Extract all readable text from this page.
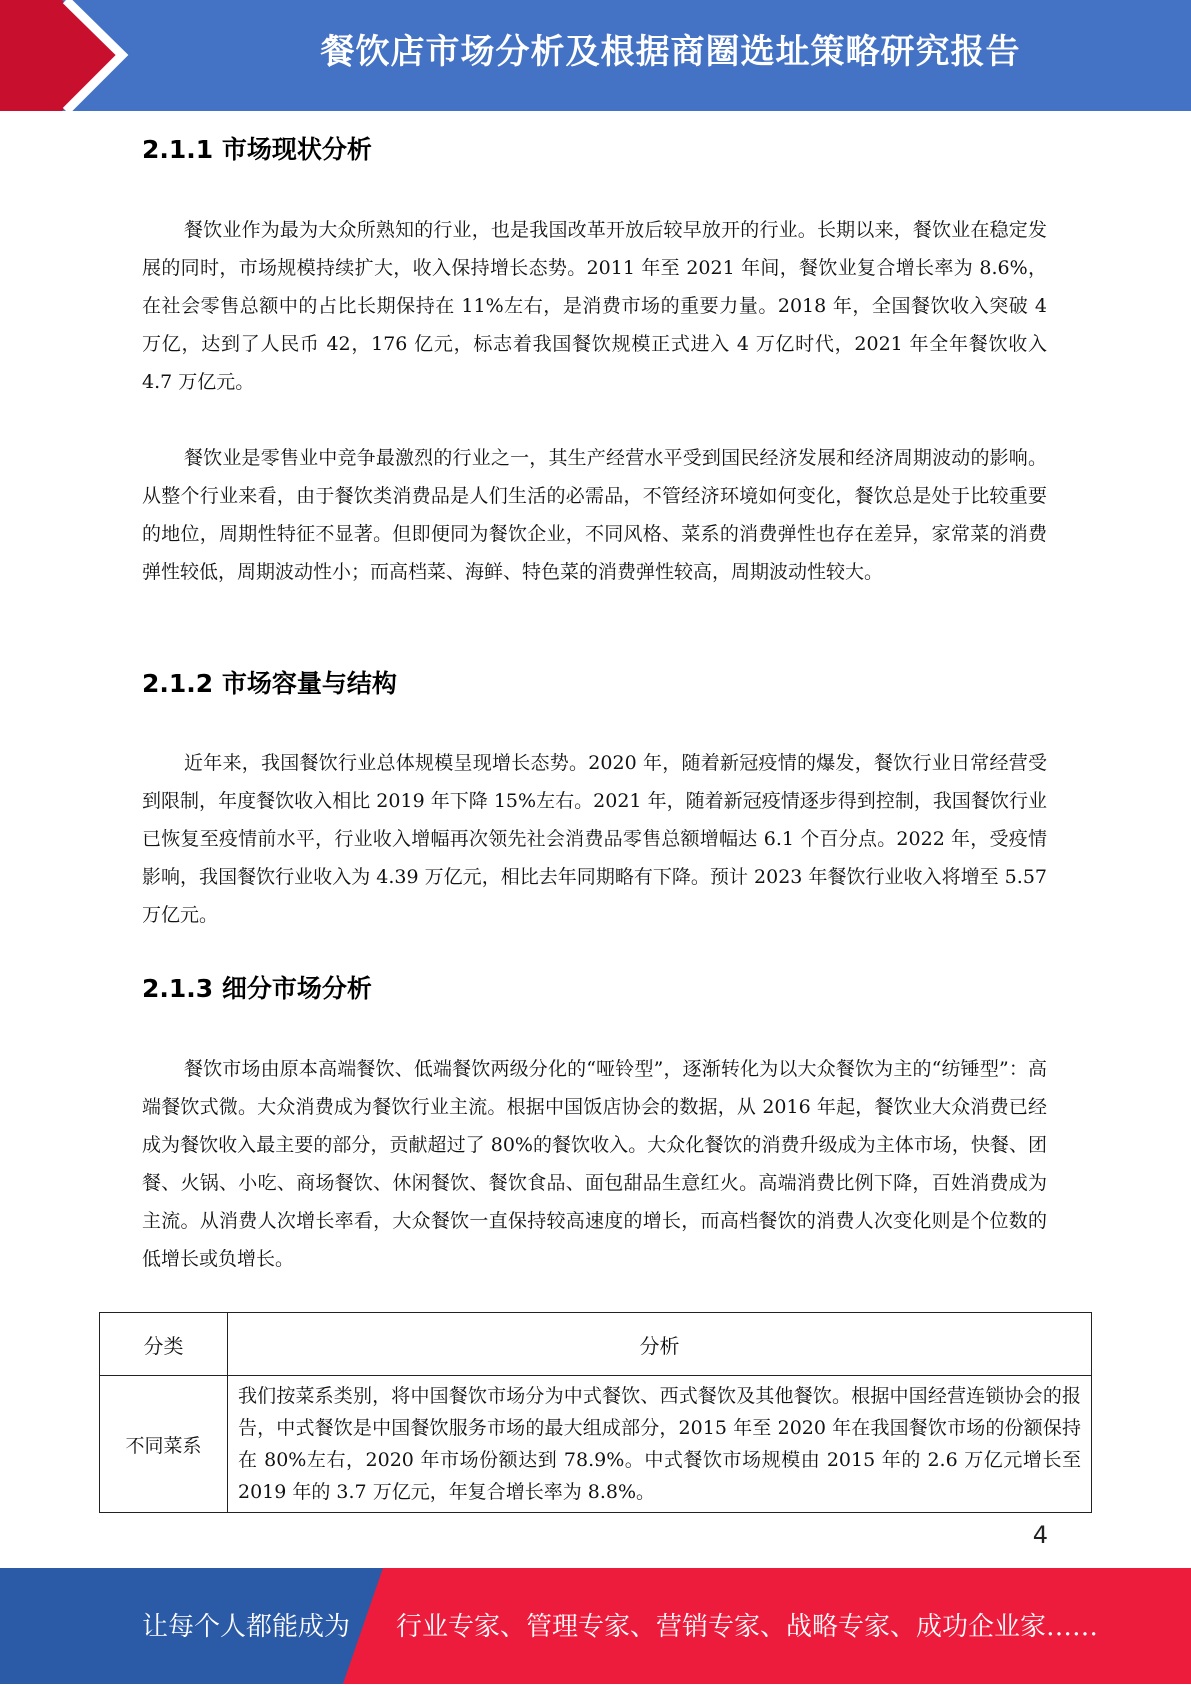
餐饮店市场分析及根据商圈选址策略研究报告
2.1.1 市场现状分析

餐饮业作为最为大众所熟知的行业，也是我国改革开放后较早放开的行业。长期以来，餐饮业在稳定发展的同时，市场规模持续扩大，收入保持增长态势。2011 年至 2021 年间，餐饮业复合增长率为 8.6%，在社会零售总额中的占比长期保持在 11%左右，是消费市场的重要力量。2018 年，全国餐饮收入突破 4 万亿，达到了人民币 42，176 亿元，标志着我国餐饮规模正式进入 4 万亿时代，2021 年全年餐饮收入 4.7 万亿元。

餐饮业是零售业中竞争最激烈的行业之一，其生产经营水平受到国民经济发展和经济周期波动的影响。从整个行业来看，由于餐饮类消费品是人们生活的必需品，不管经济环境如何变化，餐饮总是处于比较重要的地位，周期性特征不显著。但即便同为餐饮企业，不同风格、菜系的消费弹性也存在差异，家常菜的消费弹性较低，周期波动性小；而高档菜、海鲜、特色菜的消费弹性较高，周期波动性较大。

2.1.2 市场容量与结构

近年来，我国餐饮行业总体规模呈现增长态势。2020 年，随着新冠疫情的爆发，餐饮行业日常经营受到限制，年度餐饮收入相比 2019 年下降 15%左右。2021 年，随着新冠疫情逐步得到控制，我国餐饮行业已恢复至疫情前水平，行业收入增幅再次领先社会消费品零售总额增幅达 6.1 个百分点。2022 年，受疫情影响，我国餐饮行业收入为 4.39 万亿元，相比去年同期略有下降。预计 2023 年餐饮行业收入将增至 5.57 万亿元。

2.1.3 细分市场分析

餐饮市场由原本高端餐饮、低端餐饮两级分化的“哑铃型”，逐渐转化为以大众餐饮为主的“纺锤型”：高端餐饮式微。大众消费成为餐饮行业主流。根据中国饭店协会的数据，从 2016 年起，餐饮业大众消费已经成为餐饮收入最主要的部分，贡献超过了 80%的餐饮收入。大众化餐饮的消费升级成为主体市场，快餐、团餐、火锅、小吃、商场餐饮、休闲餐饮、餐饮食品、面包甜品生意红火。高端消费比例下降，百姓消费成为主流。从消费人次增长率看，大众餐饮一直保持较高速度的增长，而高档餐饮的消费人次变化则是个位数的低增长或负增长。

分类	分析
不同菜系	我们按菜系类别，将中国餐饮市场分为中式餐饮、西式餐饮及其他餐饮。根据中国经营连锁协会的报告，中式餐饮是中国餐饮服务市场的最大组成部分，2015 年至 2020 年在我国餐饮市场的份额保持在 80%左右，2020 年市场份额达到 78.9%。中式餐饮市场规模由 2015 年的 2.6 万亿元增长至 2019 年的 3.7 万亿元，年复合增长率为 8.8%。
4
让每个人都能成为 行业专家、管理专家、营销专家、战略专家、成功企业家……
